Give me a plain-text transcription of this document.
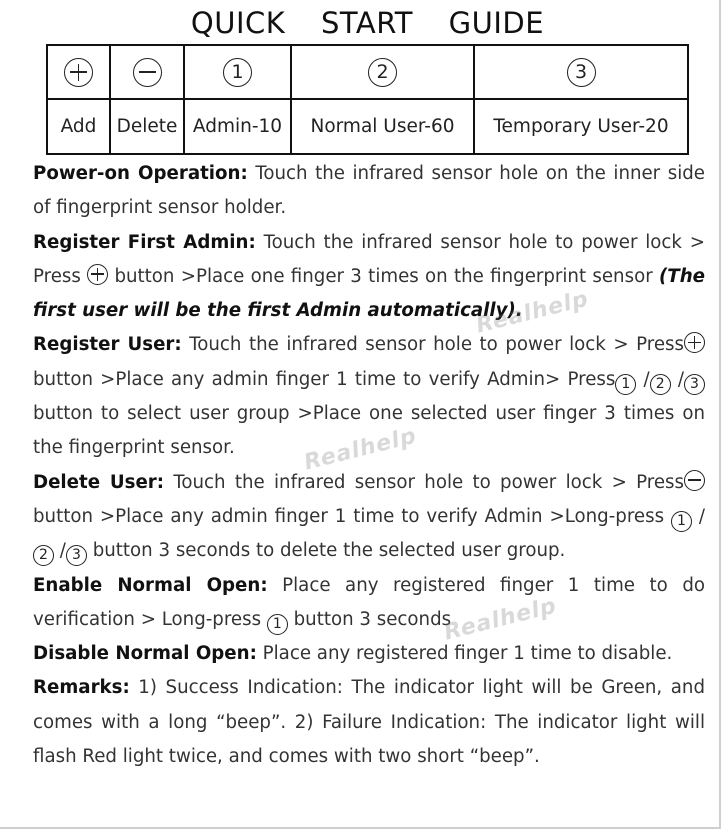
QUICK START GUIDE
		1	2	3
Add	Delete	Admin-10	Normal User-60	Temporary User-20

Power-on Operation: Touch the infrared sensor hole on the inner side of fingerprint sensor holder.

Register First Admin: Touch the infrared sensor hole to power lock > Press  button >Place one finger 3 times on the fingerprint sensor (The first user will be the first Admin automatically).

Register User: Touch the infrared sensor hole to power lock > Press button >Place any admin finger 1 time to verify Admin> Press 1 / 2 / 3 button to select user group >Place one selected user finger 3 times on the fingerprint sensor.

Delete User: Touch the infrared sensor hole to power lock > Press button >Place any admin finger 1 time to verify Admin >Long-press 1 /2 / 3 button 3 seconds to delete the selected user group.

Enable Normal Open: Place any registered finger 1 time to do verification > Long-press 1 button 3 seconds

Disable Normal Open: Place any registered finger 1 time to disable.

Remarks: 1) Success Indication: The indicator light will be Green, and comes with a long “beep”. 2) Failure Indication: The indicator light will flash Red light twice, and comes with two short “beep”.

Realhelp
Realhelp
Realhelp
